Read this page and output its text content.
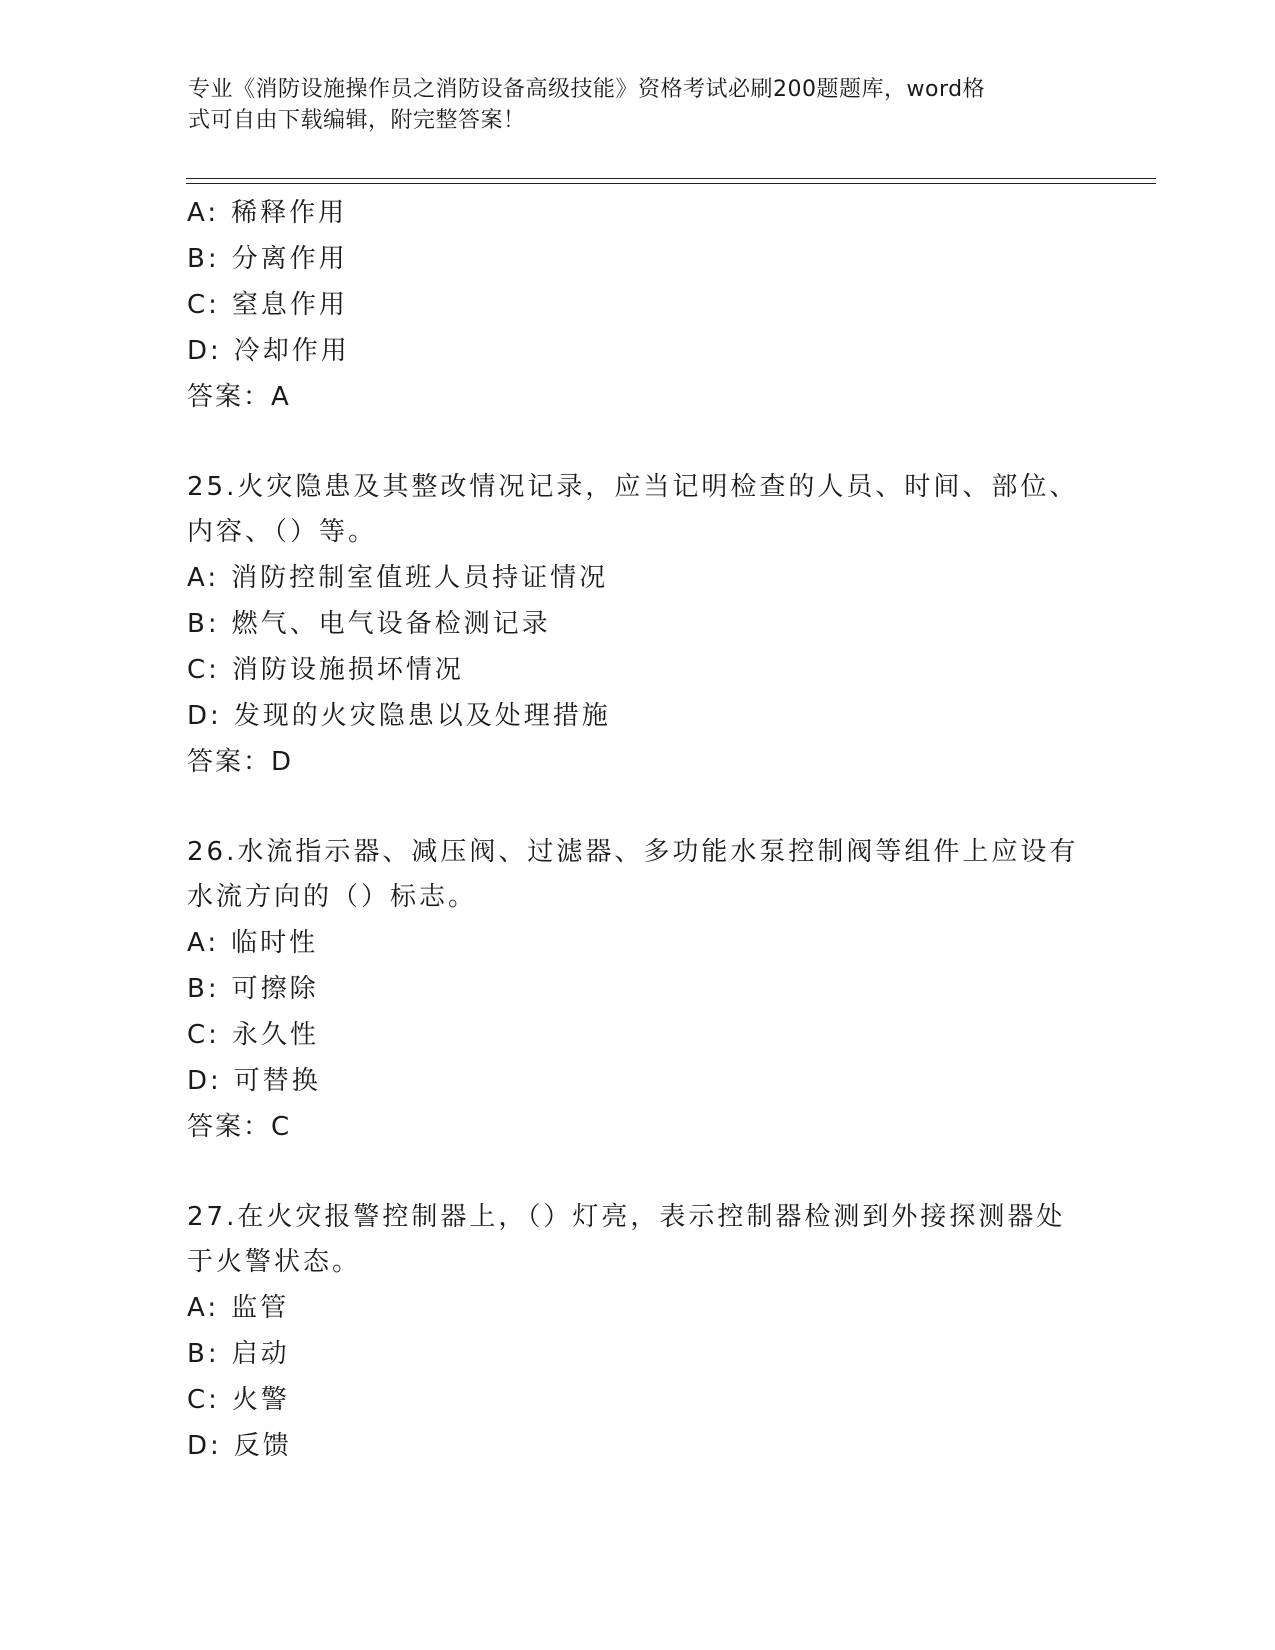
专业《消防设施操作员之消防设备高级技能》资格考试必刷200题题库，word格
式可自由下载编辑，附完整答案！
A: 稀释作用
B: 分离作用
C: 窒息作用
D: 冷却作用
答案：A
25.火灾隐患及其整改情况记录，应当记明检查的人员、时间、部位、
内容、（）等。
A: 消防控制室值班人员持证情况
B: 燃气、电气设备检测记录
C: 消防设施损坏情况
D: 发现的火灾隐患以及处理措施
答案：D
26.水流指示器、减压阀、过滤器、多功能水泵控制阀等组件上应设有
水流方向的（）标志。
A: 临时性
B: 可擦除
C: 永久性
D: 可替换
答案：C
27.在火灾报警控制器上，（）灯亮，表示控制器检测到外接探测器处
于火警状态。
A: 监管
B: 启动
C: 火警
D: 反馈
